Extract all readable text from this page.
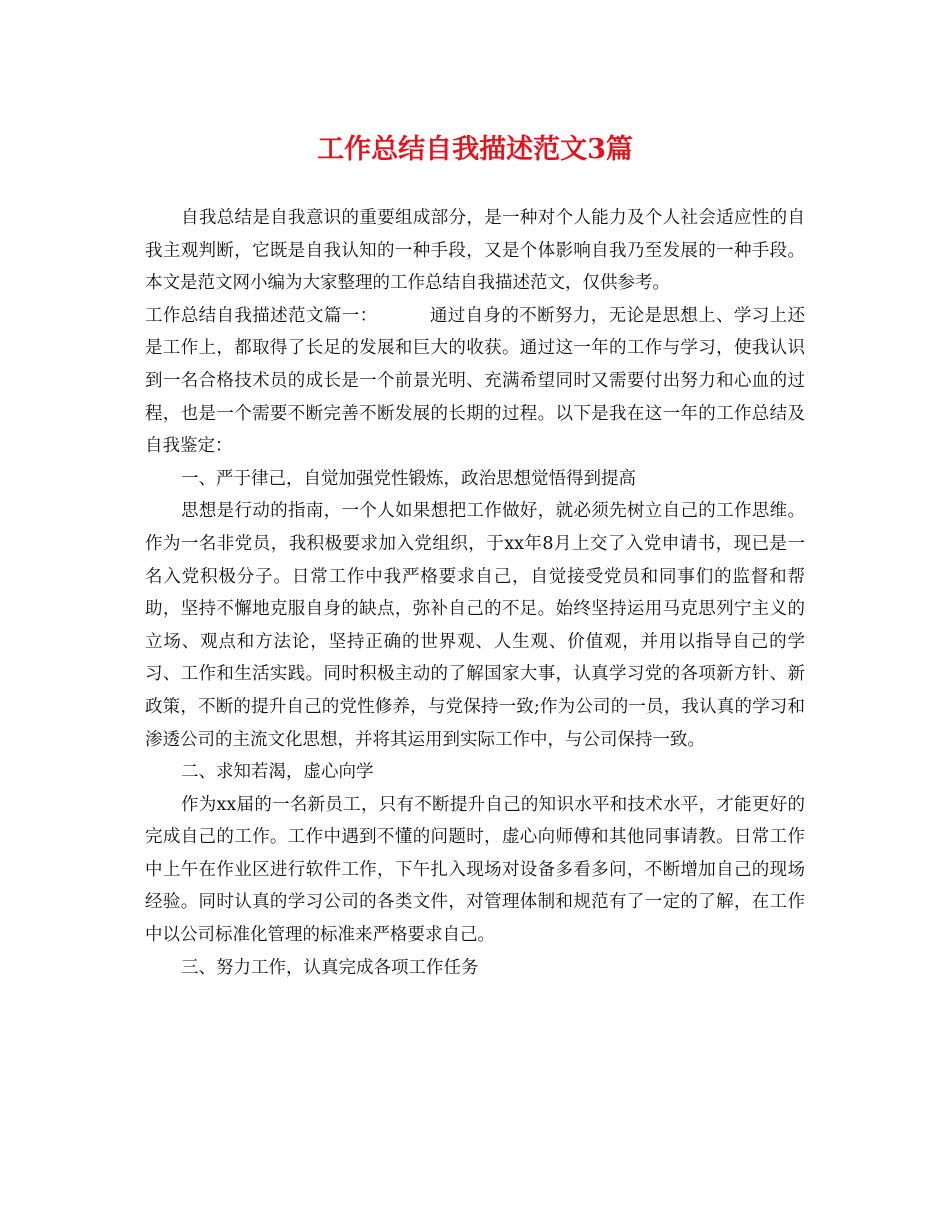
工作总结自我描述范文3篇

自我总结是自我意识的重要组成部分，是一种对个人能力及个人社会适应性的自我主观判断，它既是自我认知的一种手段，又是个体影响自我乃至发展的一种手段。本文是范文网小编为大家整理的工作总结自我描述范文，仅供参考。

工作总结自我描述范文篇一：	通过自身的不断努力，无论是思想上、学习上还是工作上，都取得了长足的发展和巨大的收获。通过这一年的工作与学习，使我认识到一名合格技术员的成长是一个前景光明、充满希望同时又需要付出努力和心血的过程，也是一个需要不断完善不断发展的长期的过程。以下是我在这一年的工作总结及自我鉴定：

一、严于律己，自觉加强党性锻炼，政治思想觉悟得到提高

思想是行动的指南，一个人如果想把工作做好，就必须先树立自己的工作思维。作为一名非党员，我积极要求加入党组织，于xx年8月上交了入党申请书，现已是一名入党积极分子。日常工作中我严格要求自己，自觉接受党员和同事们的监督和帮助，坚持不懈地克服自身的缺点，弥补自己的不足。始终坚持运用马克思列宁主义的立场、观点和方法论，坚持正确的世界观、人生观、价值观，并用以指导自己的学习、工作和生活实践。同时积极主动的了解国家大事，认真学习党的各项新方针、新政策，不断的提升自己的党性修养，与党保持一致;作为公司的一员，我认真的学习和渗透公司的主流文化思想，并将其运用到实际工作中，与公司保持一致。

二、求知若渴，虚心向学

作为xx届的一名新员工，只有不断提升自己的知识水平和技术水平，才能更好的完成自己的工作。工作中遇到不懂的问题时，虚心向师傅和其他同事请教。日常工作中上午在作业区进行软件工作，下午扎入现场对设备多看多问，不断增加自己的现场经验。同时认真的学习公司的各类文件，对管理体制和规范有了一定的了解，在工作中以公司标准化管理的标准来严格要求自己。

三、努力工作，认真完成各项工作任务
